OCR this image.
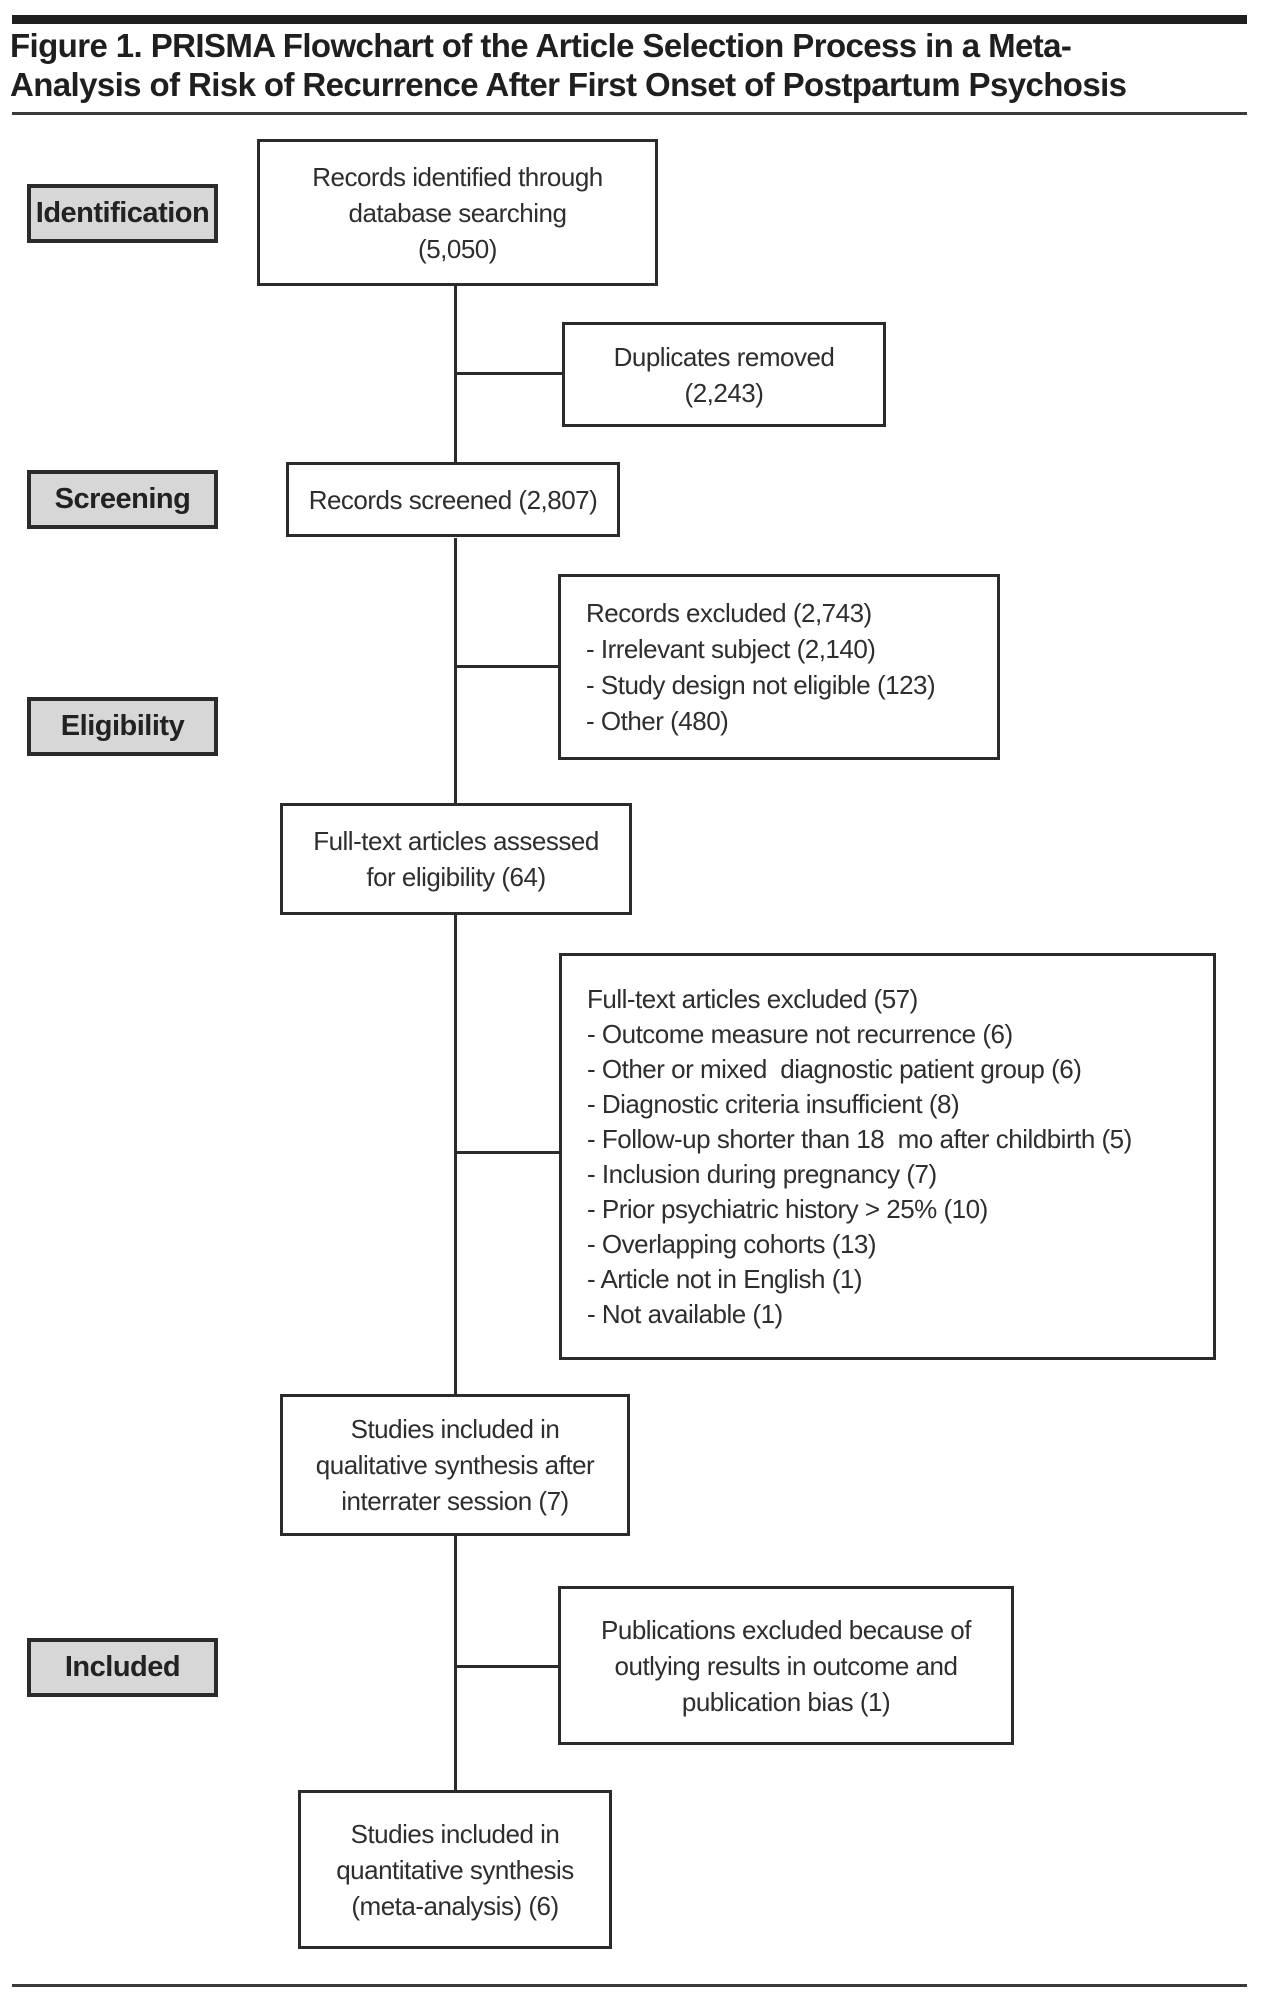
Figure 1. PRISMA Flowchart of the Article Selection Process in a Meta-
Analysis of Risk of Recurrence After First Onset of Postpartum Psychosis
Identification
Screening
Eligibility
Included
Records identified through
database searching
(5,050)
Records screened (2,807)
Full-text articles assessed
for eligibility (64)
Studies included in
qualitative synthesis after
interrater session (7)
Studies included in
quantitative synthesis
(meta-analysis) (6)
Duplicates removed
(2,243)
Records excluded (2,743)
- Irrelevant subject (2,140)
- Study design not eligible (123)
- Other (480)
Full-text articles excluded (57)
- Outcome measure not recurrence (6)
- Other or mixed  diagnostic patient group (6)
- Diagnostic criteria insufficient (8)
- Follow-up shorter than 18  mo after childbirth (5)
- Inclusion during pregnancy (7)
- Prior psychiatric history > 25% (10)
- Overlapping cohorts (13)
- Article not in English (1)
- Not available (1)
Publications excluded because of
outlying results in outcome and
publication bias (1)
